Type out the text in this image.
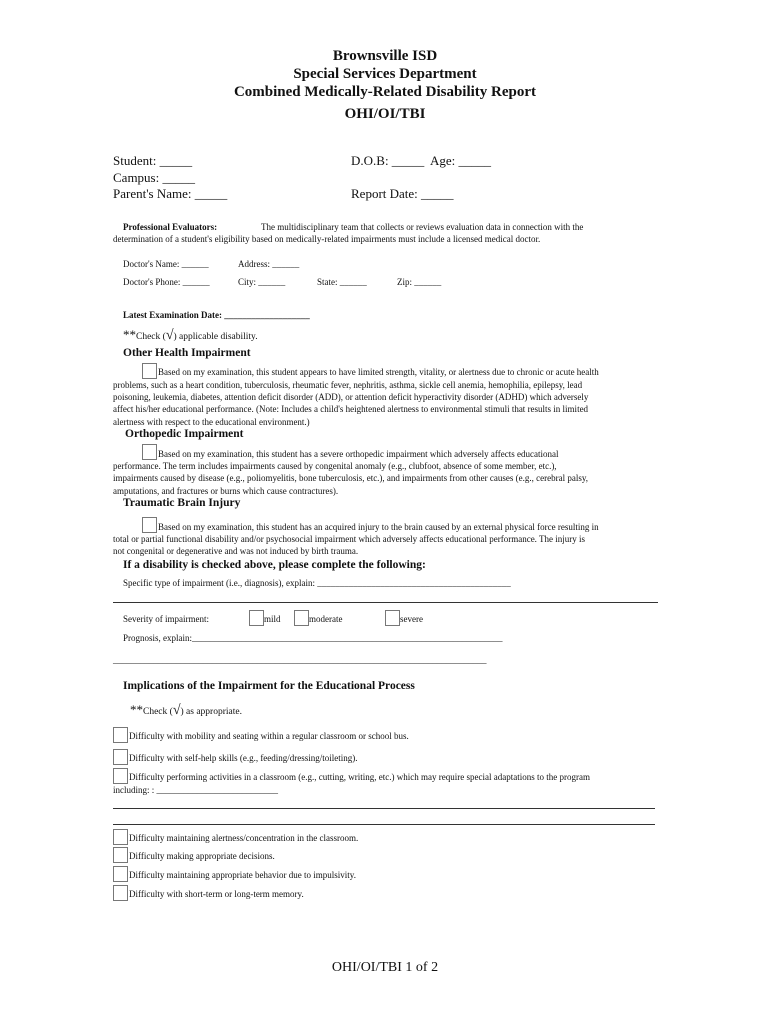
Brownsville ISD
Special Services Department
Combined Medically-Related Disability Report
OHI/OI/TBI
Student: _____
Campus: _____
Parent's Name: _____
D.O.B: _____ Age: _____
Report Date: _____
Professional Evaluators:	The multidisciplinary team that collects or reviews evaluation data in connection with the
determination of a student's eligibility based on medically-related impairments must include a licensed medical doctor.
Doctor's Name: ______	Address: ______
Doctor's Phone: ______	City: ______	State: ______	Zip: ______
Latest Examination Date: ___________________
**Check (√) applicable disability.
Other Health Impairment
Based on my examination, this student appears to have limited strength, vitality, or alertness due to chronic or acute health
problems, such as a heart condition, tuberculosis, rheumatic fever, nephritis, asthma, sickle cell anemia, hemophilia, epilepsy, lead
poisoning, leukemia, diabetes, attention deficit disorder (ADD), or attention deficit hyperactivity disorder (ADHD) which adversely
affect his/her educational performance. (Note: Includes a child's heightened alertness to environmental stimuli that results in limited
alertness with respect to the educational environment.)
Orthopedic Impairment
Based on my examination, this student has a severe orthopedic impairment which adversely affects educational
performance. The term includes impairments caused by congenital anomaly (e.g., clubfoot, absence of some member, etc.),
impairments caused by disease (e.g., poliomyelitis, bone tuberculosis, etc.), and impairments from other causes (e.g., cerebral palsy,
amputations, and fractures or burns which cause contractures).
Traumatic Brain Injury
Based on my examination, this student has an acquired injury to the brain caused by an external physical force resulting in
total or partial functional disability and/or psychosocial impairment which adversely affects educational performance. The injury is
not congenital or degenerative and was not induced by birth trauma.
If a disability is checked above, please complete the following:
Specific type of impairment (i.e., diagnosis), explain: ___________________________________________
Severity of impairment:	mild	moderate	severe
Prognosis, explain:_____________________________________________________________________
___________________________________________________________________________________
Implications of the Impairment for the Educational Process
**Check (√) as appropriate.
Difficulty with mobility and seating within a regular classroom or school bus.
Difficulty with self-help skills (e.g., feeding/dressing/toileting).
Difficulty performing activities in a classroom (e.g., cutting, writing, etc.) which may require special adaptations to the program
including: : ___________________________
Difficulty maintaining alertness/concentration in the classroom.
Difficulty making appropriate decisions.
Difficulty maintaining appropriate behavior due to impulsivity.
Difficulty with short-term or long-term memory.
OHI/OI/TBI 1 of 2
